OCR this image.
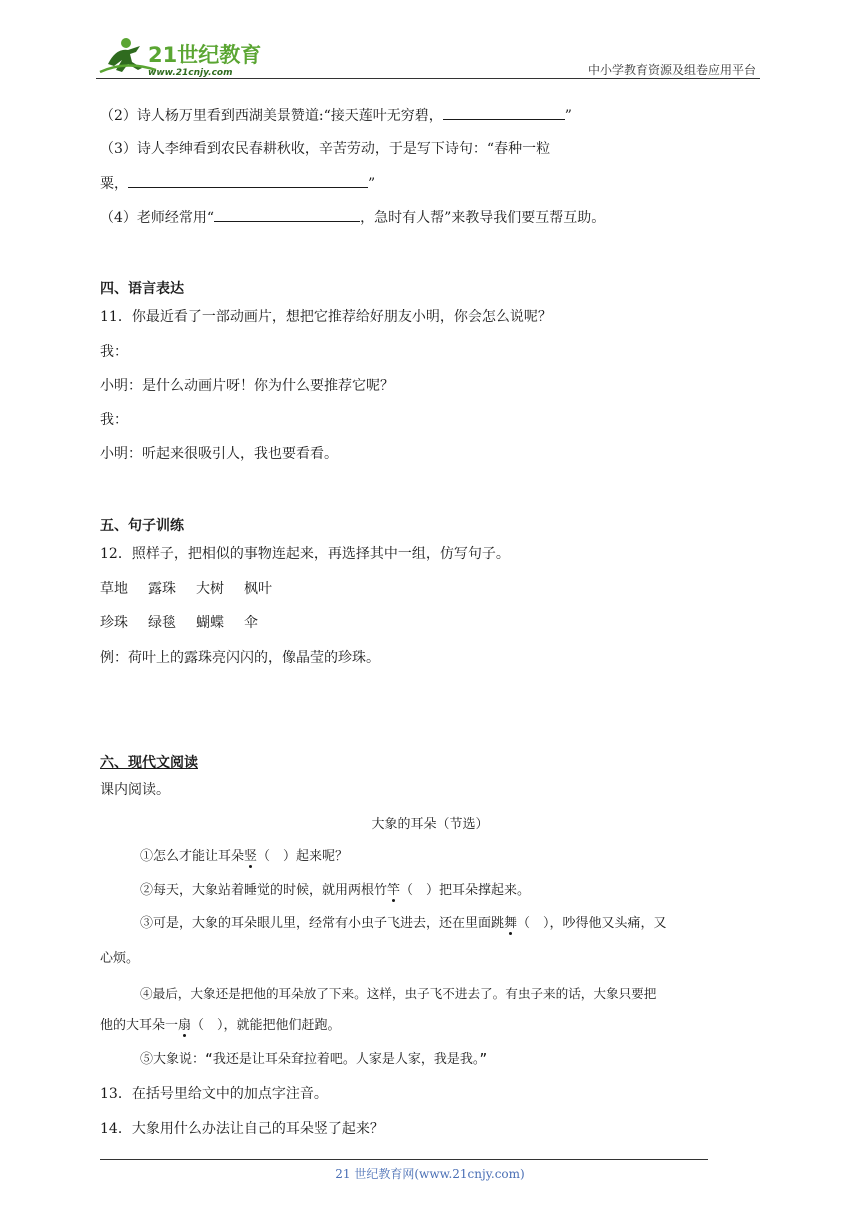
21世纪教育
www.21cnjy.com	中小学教育资源及组卷应用平台
（2）诗人杨万里看到西湖美景赞道:“接天莲叶无穷碧，	”
（3）诗人李绅看到农民春耕秋收，辛苦劳动，于是写下诗句：“春种一粒
粟，	”
（4）老师经常用“	，急时有人帮”来教导我们要互帮互助。
四、语言表达
11．你最近看了一部动画片，想把它推荐给好朋友小明，你会怎么说呢？
我：
小明：是什么动画片呀！你为什么要推荐它呢？
我：
小明：听起来很吸引人，我也要看看。
五、句子训练
12．照样子，把相似的事物连起来，再选择其中一组，仿写句子。
草地 露珠 大树 枫叶
珍珠 绿毯 蝴蝶 伞
例：荷叶上的露珠亮闪闪的，像晶莹的珍珠。
六、现代文阅读
课内阅读。
大象的耳朵（节选）
①怎么才能让耳朵竖（　）起来呢？
②每天，大象站着睡觉的时候，就用两根竹竿（　）把耳朵撑起来。
③可是，大象的耳朵眼儿里，经常有小虫子飞进去，还在里面跳舞（　），吵得他又头痛，又
心烦。
④最后，大象还是把他的耳朵放了下来。这样，虫子飞不进去了。有虫子来的话，大象只要把
他的大耳朵一扇（　），就能把他们赶跑。
⑤大象说：“我还是让耳朵耷拉着吧。人家是人家，我是我。”
13．在括号里给文中的加点字注音。
14．大象用什么办法让自己的耳朵竖了起来？
21 世纪教育网(www.21cnjy.com)
